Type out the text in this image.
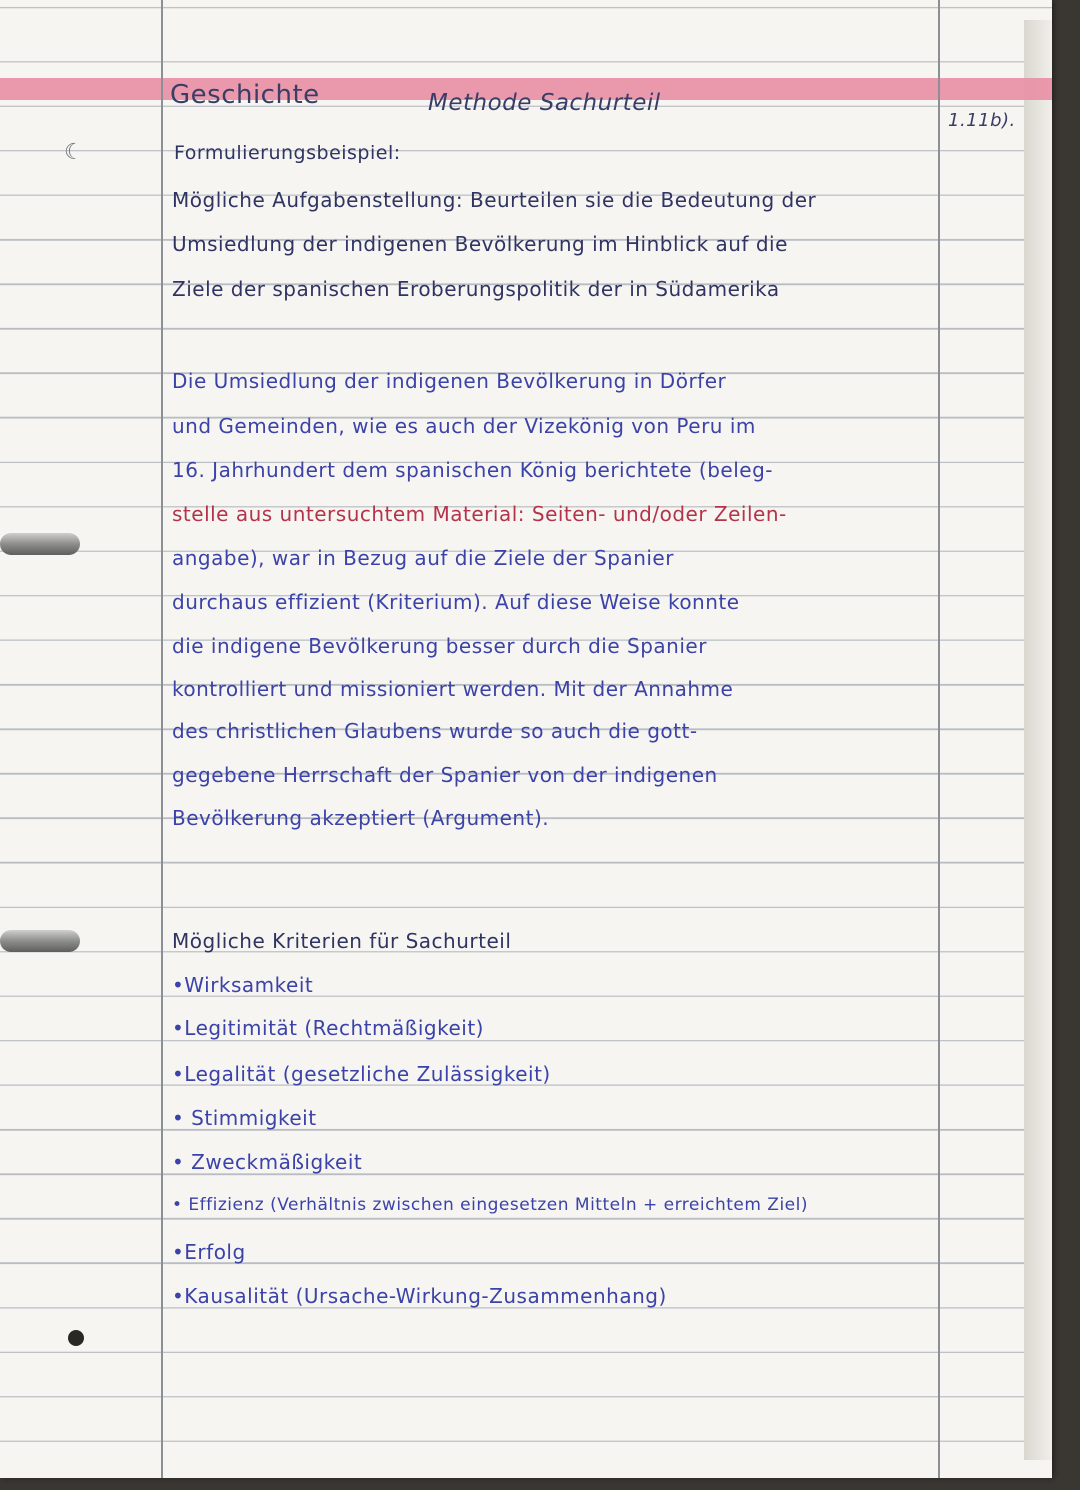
☾
Geschichte	Methode Sachurteil
1.11b).
Formulierungsbeispiel:
Mögliche Aufgabenstellung: Beurteilen sie die Bedeutung der
Umsiedlung der indigenen Bevölkerung im Hinblick auf die
Ziele der spanischen Eroberungspolitik der in Südamerika
Die Umsiedlung der indigenen Bevölkerung in Dörfer
und Gemeinden, wie es auch der Vizekönig von Peru im
16. Jahrhundert dem spanischen König berichtete (beleg-
stelle aus untersuchtem Material: Seiten- und/oder Zeilen-
angabe), war in Bezug auf die Ziele der Spanier
durchaus effizient (Kriterium). Auf diese Weise konnte
die indigene Bevölkerung besser durch die Spanier
kontrolliert und missioniert werden. Mit der Annahme
des christlichen Glaubens wurde so auch die gott-
gegebene Herrschaft der Spanier von der indigenen
Bevölkerung akzeptiert (Argument).
Mögliche Kriterien für Sachurteil
•Wirksamkeit
•Legitimität (Rechtmäßigkeit)
•Legalität (gesetzliche Zulässigkeit)
• Stimmigkeit
• Zweckmäßigkeit
• Effizienz (Verhältnis zwischen eingesetzen Mitteln + erreichtem Ziel)
•Erfolg
•Kausalität (Ursache-Wirkung-Zusammenhang)
